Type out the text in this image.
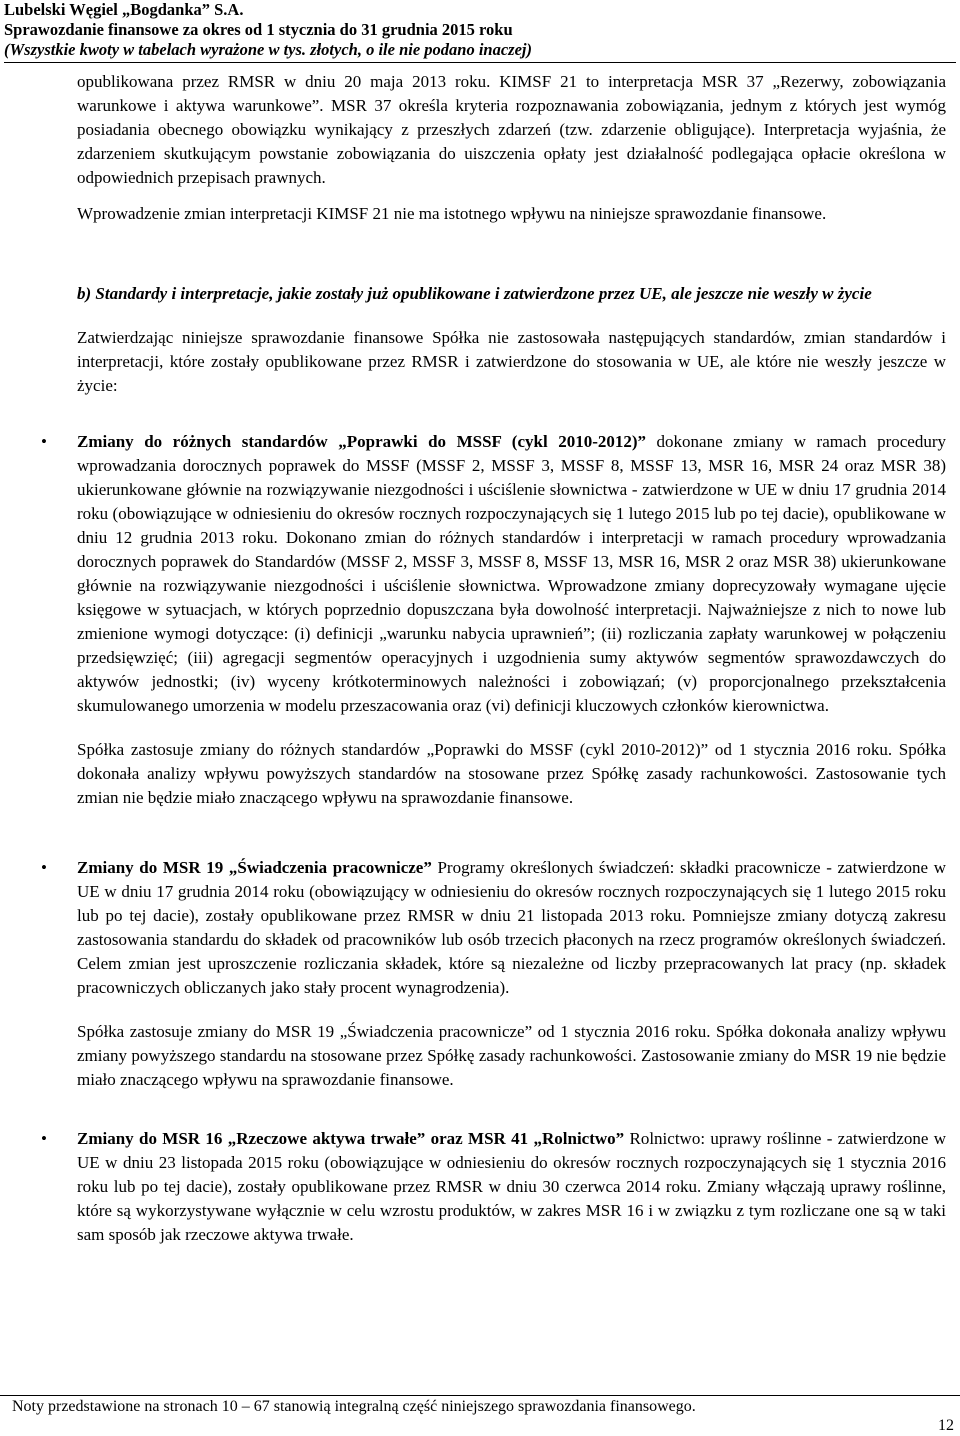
Lubelski Węgiel „Bogdanka” S.A.
Sprawozdanie finansowe za okres od 1 stycznia do 31 grudnia 2015 roku
(Wszystkie kwoty w tabelach wyrażone w tys. złotych, o ile nie podano inaczej)

opublikowana przez RMSR w dniu 20 maja 2013 roku. KIMSF 21 to interpretacja MSR 37 „Rezerwy, zobowiązania warunkowe i aktywa warunkowe”. MSR 37 określa kryteria rozpoznawania zobowiązania, jednym z których jest wymóg posiadania obecnego obowiązku wynikający z przeszłych zdarzeń (tzw. zdarzenie obligujące). Interpretacja wyjaśnia, że zdarzeniem skutkującym powstanie zobowiązania do uiszczenia opłaty jest działalność podlegająca opłacie określona w odpowiednich przepisach prawnych.

Wprowadzenie zmian interpretacji KIMSF 21 nie ma istotnego wpływu na niniejsze sprawozdanie finansowe.

b) Standardy i interpretacje, jakie zostały już opublikowane i zatwierdzone przez UE, ale jeszcze nie weszły w życie

Zatwierdzając niniejsze sprawozdanie finansowe Spółka nie zastosowała następujących standardów, zmian standardów i interpretacji, które zostały opublikowane przez RMSR i zatwierdzone do stosowania w UE, ale które nie weszły jeszcze w życie:

• Zmiany do różnych standardów „Poprawki do MSSF (cykl 2010-2012)” dokonane zmiany w ramach procedury wprowadzania dorocznych poprawek do MSSF (MSSF 2, MSSF 3, MSSF 8, MSSF 13, MSR 16, MSR 24 oraz MSR 38) ukierunkowane głównie na rozwiązywanie niezgodności i uściślenie słownictwa - zatwierdzone w UE w dniu 17 grudnia 2014 roku (obowiązujące w odniesieniu do okresów rocznych rozpoczynających się 1 lutego 2015 lub po tej dacie), opublikowane w dniu 12 grudnia 2013 roku. Dokonano zmian do różnych standardów i interpretacji w ramach procedury wprowadzania dorocznych poprawek do Standardów (MSSF 2, MSSF 3, MSSF 8, MSSF 13, MSR 16, MSR 2 oraz MSR 38) ukierunkowane głównie na rozwiązywanie niezgodności i uściślenie słownictwa. Wprowadzone zmiany doprecyzowały wymagane ujęcie księgowe w sytuacjach, w których poprzednio dopuszczana była dowolność interpretacji. Najważniejsze z nich to nowe lub zmienione wymogi dotyczące: (i) definicji „warunku nabycia uprawnień”; (ii) rozliczania zapłaty warunkowej w połączeniu przedsięwzięć; (iii) agregacji segmentów operacyjnych i uzgodnienia sumy aktywów segmentów sprawozdawczych do aktywów jednostki; (iv) wyceny krótkoterminowych należności i zobowiązań; (v) proporcjonalnego przekształcenia skumulowanego umorzenia w modelu przeszacowania oraz (vi) definicji kluczowych członków kierownictwa.

Spółka zastosuje zmiany do różnych standardów „Poprawki do MSSF (cykl 2010-2012)” od 1 stycznia 2016 roku. Spółka dokonała analizy wpływu powyższych standardów na stosowane przez Spółkę zasady rachunkowości. Zastosowanie tych zmian nie będzie miało znaczącego wpływu na sprawozdanie finansowe.

• Zmiany do MSR 19 „Świadczenia pracownicze” Programy określonych świadczeń: składki pracownicze - zatwierdzone w UE w dniu 17 grudnia 2014 roku (obowiązujący w odniesieniu do okresów rocznych rozpoczynających się 1 lutego 2015 roku lub po tej dacie), zostały opublikowane przez RMSR w dniu 21 listopada 2013 roku. Pomniejsze zmiany dotyczą zakresu zastosowania standardu do składek od pracowników lub osób trzecich płaconych na rzecz programów określonych świadczeń. Celem zmian jest uproszczenie rozliczania składek, które są niezależne od liczby przepracowanych lat pracy (np. składek pracowniczych obliczanych jako stały procent wynagrodzenia).

Spółka zastosuje zmiany do MSR 19 „Świadczenia pracownicze” od 1 stycznia 2016 roku. Spółka dokonała analizy wpływu zmiany powyższego standardu na stosowane przez Spółkę zasady rachunkowości. Zastosowanie zmiany do MSR 19 nie będzie miało znaczącego wpływu na sprawozdanie finansowe.

• Zmiany do MSR 16 „Rzeczowe aktywa trwałe” oraz MSR 41 „Rolnictwo” Rolnictwo: uprawy roślinne - zatwierdzone w UE w dniu 23 listopada 2015 roku (obowiązujące w odniesieniu do okresów rocznych rozpoczynających się 1 stycznia 2016 roku lub po tej dacie), zostały opublikowane przez RMSR w dniu 30 czerwca 2014 roku. Zmiany włączają uprawy roślinne, które są wykorzystywane wyłącznie w celu wzrostu produktów, w zakres MSR 16 i w związku z tym rozliczane one są w taki sam sposób jak rzeczowe aktywa trwałe.

Noty przedstawione na stronach 10 – 67 stanowią integralną część niniejszego sprawozdania finansowego.
12
